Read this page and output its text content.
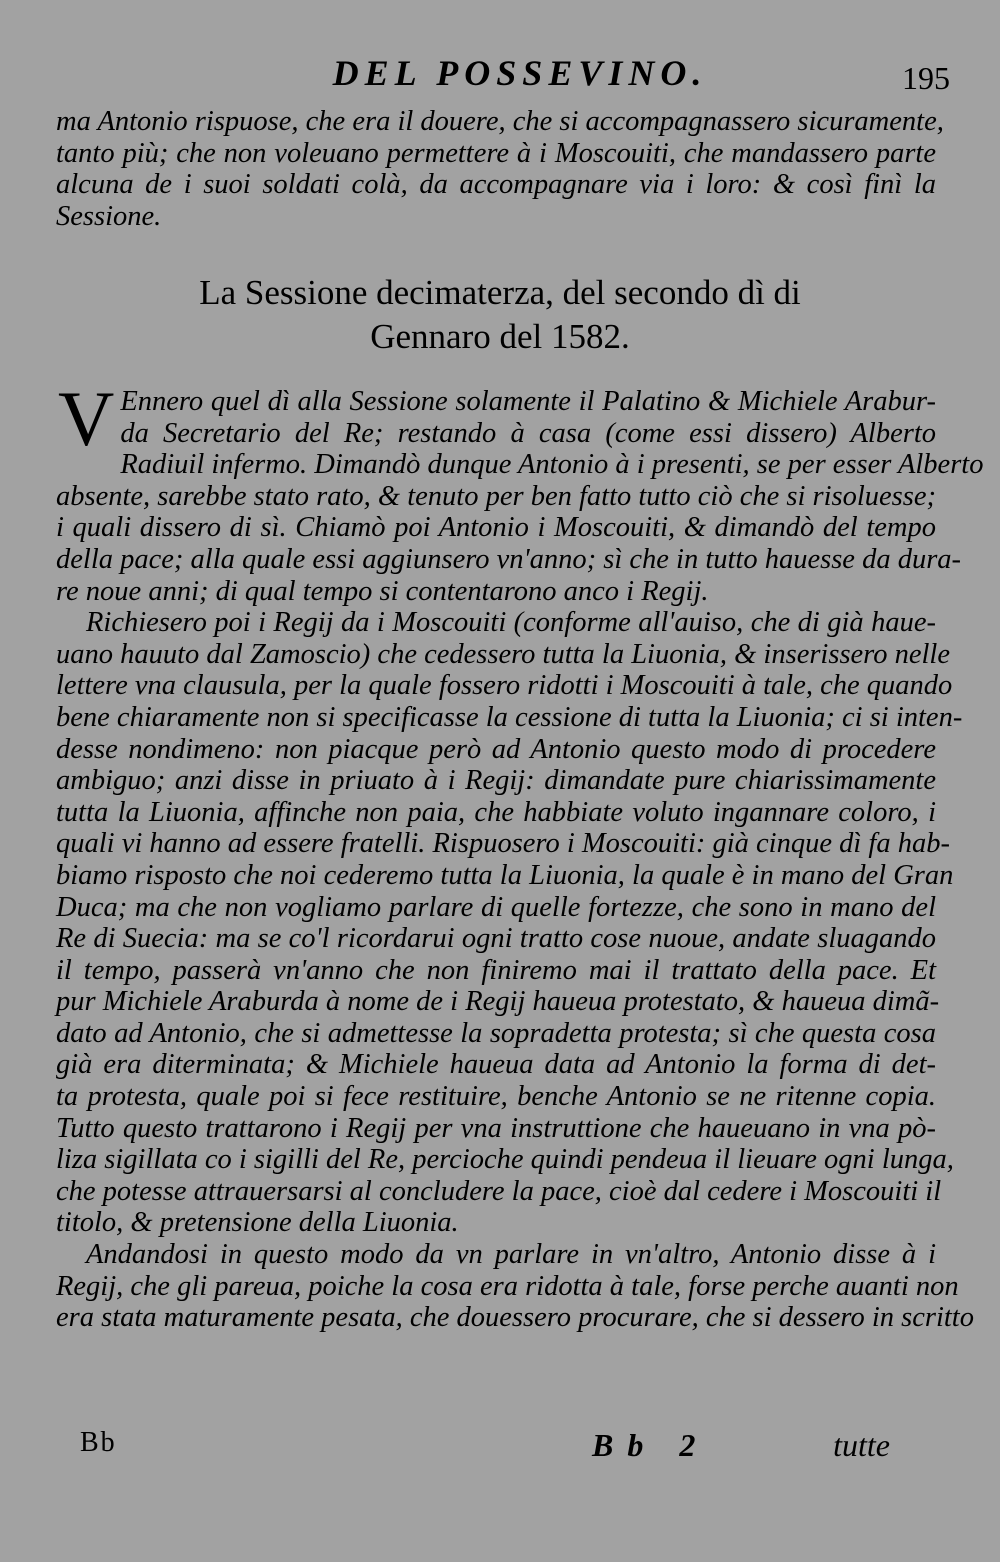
DEL POSSEVINO.	195
ma Antonio rispuose, che era il douere, che si accompagnassero sicuramente,
tanto più; che non voleuano permettere à i Moscouiti, che mandassero parte
alcuna de i suoi soldati colà, da accompagnare via i loro: & così finì la
Sessione.
La Sessione decimaterza, del secondo dì di
Gennaro del 1582.
V Ennero quel dì alla Sessione solamente il Palatino & Michiele Arabur-
da Secretario del Re; restando à casa (come essi dissero) Alberto
Radiuil infermo. Dimandò dunque Antonio à i presenti, se per esser Alberto
absente, sarebbe stato rato, & tenuto per ben fatto tutto ciò che si risoluesse;
i quali dissero di sì. Chiamò poi Antonio i Moscouiti, & dimandò del tempo
della pace; alla quale essi aggiunsero vn'anno; sì che in tutto hauesse da dura-
re noue anni; di qual tempo si contentarono anco i Regij.
Richiesero poi i Regij da i Moscouiti (conforme all'auiso, che di già haue-
uano hauuto dal Zamoscio) che cedessero tutta la Liuonia, & inserissero nelle
lettere vna clausula, per la quale fossero ridotti i Moscouiti à tale, che quando
bene chiaramente non si specificasse la cessione di tutta la Liuonia; ci si inten-
desse nondimeno: non piacque però ad Antonio questo modo di procedere
ambiguo; anzi disse in priuato à i Regij: dimandate pure chiarissimamente
tutta la Liuonia, affinche non paia, che habbiate voluto ingannare coloro, i
quali vi hanno ad essere fratelli. Rispuosero i Moscouiti: già cinque dì fa hab-
biamo risposto che noi cederemo tutta la Liuonia, la quale è in mano del Gran
Duca; ma che non vogliamo parlare di quelle fortezze, che sono in mano del
Re di Suecia: ma se co'l ricordarui ogni tratto cose nuoue, andate sluagando
il tempo, passerà vn'anno che non finiremo mai il trattato della pace. Et
pur Michiele Araburda à nome de i Regij haueua protestato, & haueua dimã-
dato ad Antonio, che si admettesse la sopradetta protesta; sì che questa cosa
già era diterminata; & Michiele haueua data ad Antonio la forma di det-
ta protesta, quale poi si fece restituire, benche Antonio se ne ritenne copia.
Tutto questo trattarono i Regij per vna instruttione che haueuano in vna pò-
liza sigillata co i sigilli del Re, percioche quindi pendeua il lieuare ogni lunga,
che potesse attrauersarsi al concludere la pace, cioè dal cedere i Moscouiti il
titolo, & pretensione della Liuonia.
Andandosi in questo modo da vn parlare in vn'altro, Antonio disse à i
Regij, che gli pareua, poiche la cosa era ridotta à tale, forse perche auanti non
era stata maturamente pesata, che douessero procurare, che si dessero in scritto
Bb	Bb 2	tutte
